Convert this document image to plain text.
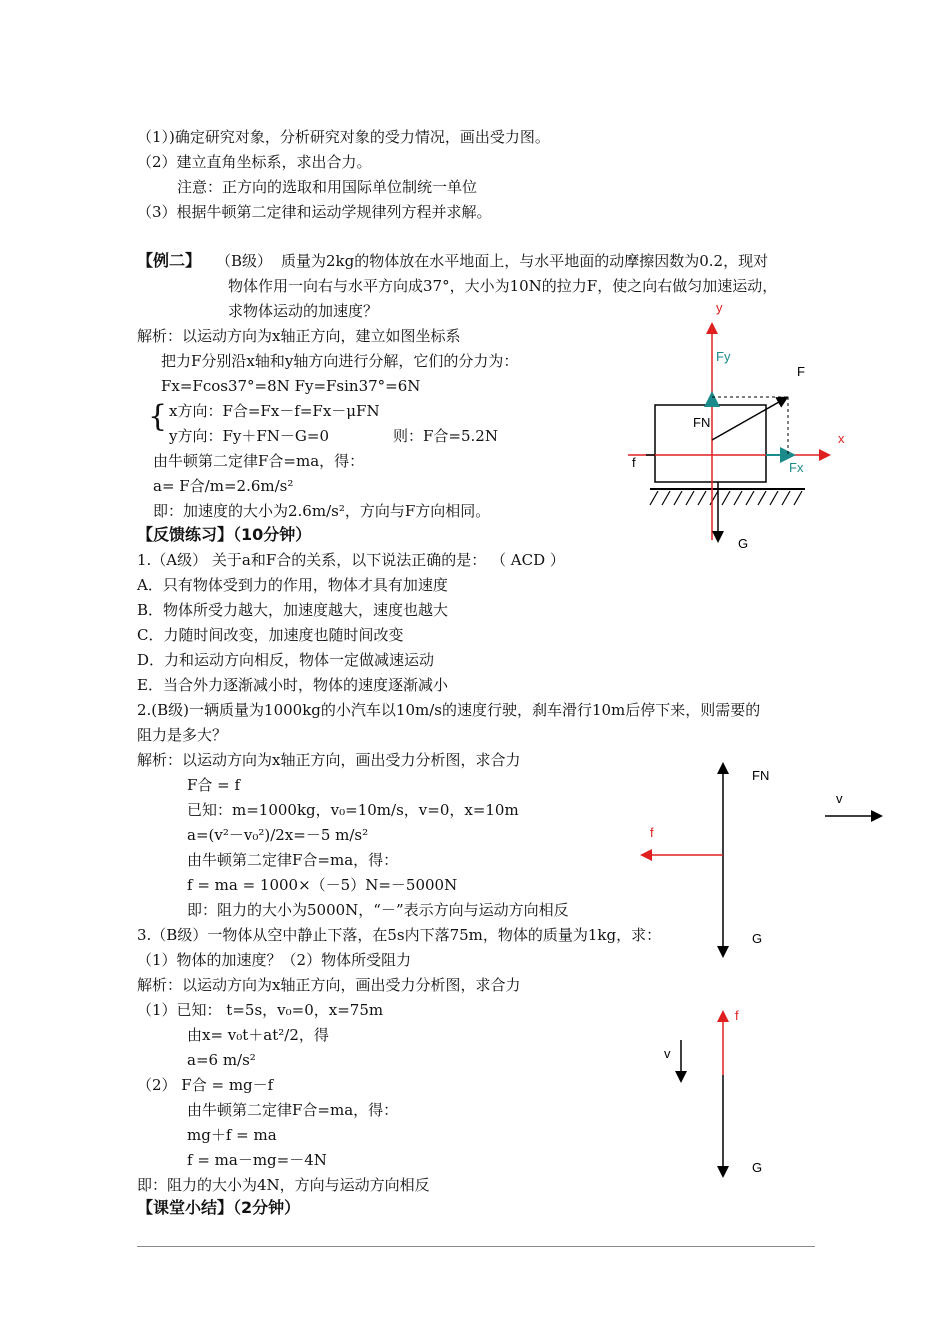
（1）)确定研究对象，分析研究对象的受力情况，画出受力图。
（2）建立直角坐标系，求出合力。
注意：正方向的选取和用国际单位制统一单位
（3）根据牛顿第二定律和运动学规律列方程并求解。
【例二】 （B级） 质量为2kg的物体放在水平地面上，与水平地面的动摩擦因数为0.2，现对
物体作用一向右与水平方向成37°，大小为10N的拉力F，使之向右做匀加速运动，
求物体运动的加速度？
解析：以运动方向为x轴正方向，建立如图坐标系
把力F分别沿x轴和y轴方向进行分解，它们的分力为：
Fx=Fcos37°=8N Fy=Fsin37°=6N
{ x方向：F合=Fx－f=Fx－μFN
y方向：Fy＋FN－G=0	则：F合=5.2N
由牛顿第二定律F合=ma，得：
a= F合/m=2.6m/s²
即：加速度的大小为2.6m/s²，方向与F方向相同。
y
x
Fy
Fx
F
FN
f
G
【反馈练习】（10分钟）
1.（A级） 关于a和F合的关系，以下说法正确的是： （ ACD ）
A．只有物体受到力的作用，物体才具有加速度
B．物体所受力越大，加速度越大，速度也越大
C．力随时间改变，加速度也随时间改变
D．力和运动方向相反，物体一定做减速运动
E．当合外力逐渐减小时，物体的速度逐渐减小
2.(B级)一辆质量为1000kg的小汽车以10m/s的速度行驶，刹车滑行10m后停下来，则需要的
阻力是多大？
解析：以运动方向为x轴正方向，画出受力分析图，求合力
F合 = f
已知：m=1000kg，v₀=10m/s，v=0，x=10m
a=(v²－v₀²)/2x=－5 m/s²
由牛顿第二定律F合=ma，得：
f = ma = 1000×（－5）N=－5000N
即：阻力的大小为5000N，“－”表示方向与运动方向相反
FN
v
f
G
3.（B级）一物体从空中静止下落，在5s内下落75m，物体的质量为1kg，求：
（1）物体的加速度？（2）物体所受阻力
解析：以运动方向为x轴正方向，画出受力分析图，求合力
（1）已知： t=5s，v₀=0，x=75m
由x= v₀t＋at²/2，得
a=6 m/s²
（2） F合 = mg－f
由牛顿第二定律F合=ma，得：
mg＋f = ma
f = ma－mg=－4N
即：阻力的大小为4N，方向与运动方向相反
f
v
G
【课堂小结】（2分钟）
